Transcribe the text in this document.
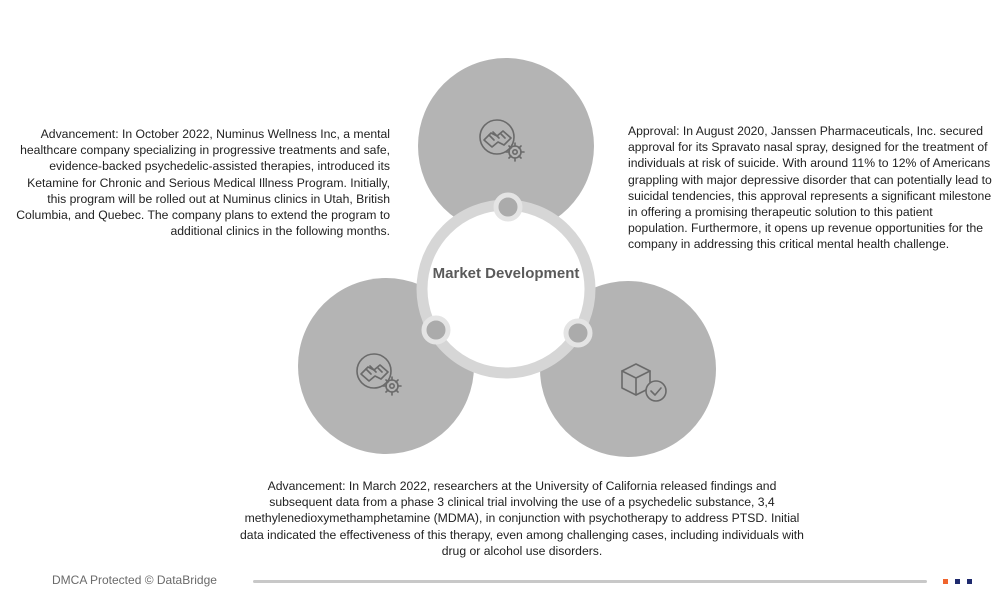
Market Development
Advancement: In October 2022, Numinus Wellness Inc, a mental healthcare company specializing in progressive treatments and safe, evidence-backed psychedelic-assisted therapies, introduced its Ketamine for Chronic and Serious Medical Illness Program. Initially, this program will be rolled out at Numinus clinics in Utah, British Columbia, and Quebec. The company plans to extend the program to additional clinics in the following months.
Approval: In August 2020, Janssen Pharmaceuticals, Inc. secured approval for its Spravato nasal spray, designed for the treatment of individuals at risk of suicide. With around 11% to 12% of Americans grappling with major depressive disorder that can potentially lead to suicidal tendencies, this approval represents a significant milestone in offering a promising therapeutic solution to this patient population. Furthermore, it opens up revenue opportunities for the company in addressing this critical mental health challenge.
Advancement: In March 2022, researchers at the University of California released findings and subsequent data from a phase 3 clinical trial involving the use of a psychedelic substance, 3,4 methylenedioxymethamphetamine (MDMA), in conjunction with psychotherapy to address PTSD. Initial data indicated the effectiveness of this therapy, even among challenging cases, including individuals with drug or alcohol use disorders.
DMCA Protected © DataBridge
